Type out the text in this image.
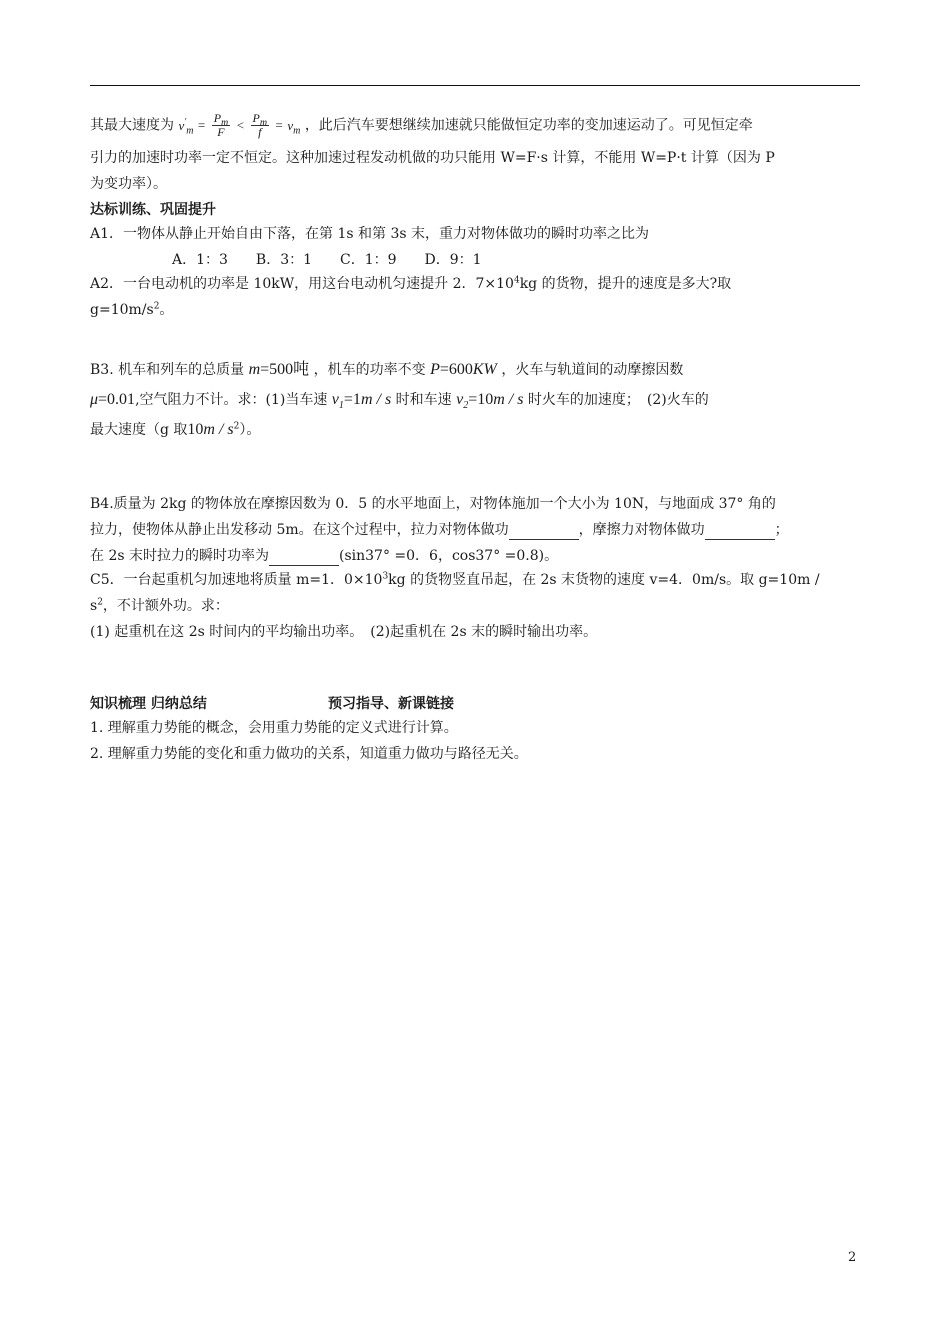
其最大速度为 $v'_m = \frac{P_m}{F} < \frac{P_m}{f} = v_m$ ，此后汽车要想继续加速就只能做恒定功率的变加速运动了。可见恒定牵
引力的加速时功率一定不恒定。这种加速过程发动机做的功只能用 W=F·s 计算，不能用 W=P·t 计算（因为 P
为变功率）。
达标训练、巩固提升
A1．一物体从静止开始自由下落，在第 1s 和第 3s 末，重力对物体做功的瞬时功率之比为
A．1：3　　B．3：1　　C．1：9　　D．9：1
A2．一台电动机的功率是 10kW，用这台电动机匀速提升 2．$7\times 10^4kg$ 的货物，提升的速度是多大?取
$g=10m/s^2$。
B3. 机车和列车的总质量 m=500吨 ，机车的功率不变 P=600KW ，火车与轨道间的动摩擦因数
μ=0.01,空气阻力不计。求：(1)当车速 $v_1=1m / s$ 时和车速 $v_2=10m / s$ 时火车的加速度；　(2)火车的
最大速度（g 取$10m / s^2$）。
B4.质量为 2kg 的物体放在摩擦因数为 0．5 的水平地面上，对物体施加一个大小为 10N，与地面成 37° 角的
拉力，使物体从静止出发移动 5m。在这个过程中，拉力对物体做功	，摩擦力对物体做功	；
在 2s 末时拉力的瞬时功率为	(sin37° =0．6，cos37° =0.8)。
C5．一台起重机匀加速地将质量 m=1．$0\times 10^3kg$ 的货物竖直吊起，在 2s 末货物的速度 v=4．0m/s。取 g=10m /
$s^2$，不计额外功。求：
(1) 起重机在这 2s 时间内的平均输出功率。　(2)起重机在 2s 末的瞬时输出功率。
知识梳理 归纳总结	预习指导、新课链接
1. 理解重力势能的概念，会用重力势能的定义式进行计算。
2. 理解重力势能的变化和重力做功的关系，知道重力做功与路径无关。
2
